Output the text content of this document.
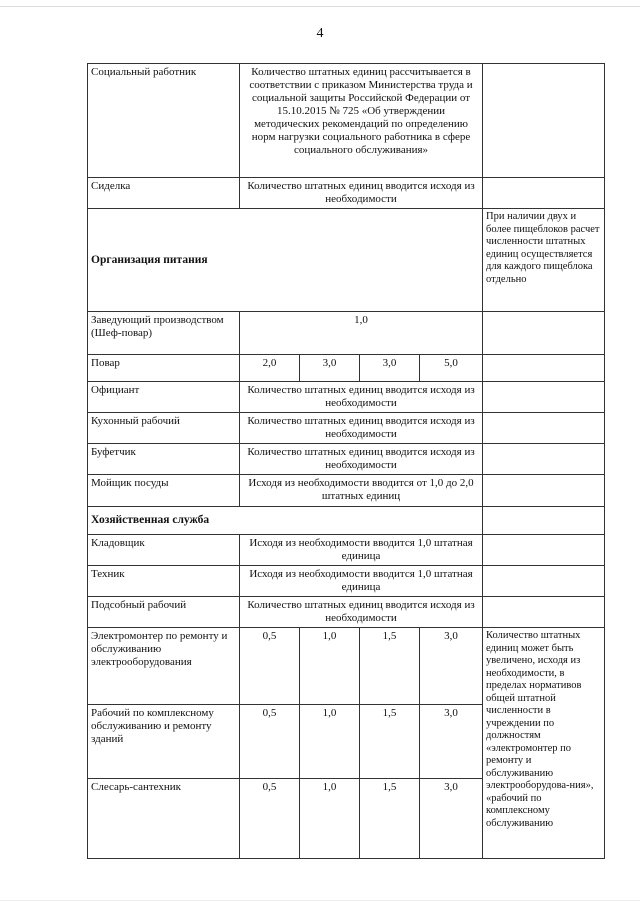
4
Социальный работник	Количество штатных единиц рассчитывается в соответствии с приказом Министерства труда и социальной защиты Российской Федерации от 15.10.2015 № 725 «Об утверждении методических рекомендаций по определению норм нагрузки социального работника в сфере социального обслуживания»				
Сиделка	Количество штатных единиц вводится исходя из необходимости				
Организация питания					При наличии двух и более пищеблоков расчет численности штатных единиц осуществляется для каждого пищеблока отдельно
Заведующий производством (Шеф-повар)	1,0				
Повар	2,0	3,0	3,0	5,0	
Официант	Количество штатных единиц вводится исходя из необходимости				
Кухонный рабочий	Количество штатных единиц вводится исходя из необходимости				
Буфетчик	Количество штатных единиц вводится исходя из необходимости				
Мойщик посуды	Исходя из необходимости вводится от 1,0 до 2,0 штатных единиц				
Хозяйственная служба					
Кладовщик	Исходя из необходимости вводится 1,0 штатная единица				
Техник	Исходя из необходимости вводится 1,0 штатная единица				
Подсобный рабочий	Количество штатных единиц вводится исходя из необходимости				
Электромонтер по ремонту и обслуживанию электрооборудования	0,5	1,0	1,5	3,0	Количество штатных единиц может быть увеличено, исходя из необходимости, в пределах нормативов общей штатной численности в учреждении по должностям «электромонтер по ремонту и обслуживанию электрооборудова-ния», «рабочий по комплексному обслуживанию
Рабочий по комплексному обслуживанию и ремонту зданий	0,5	1,0	1,5	3,0	
Слесарь-сантехник	0,5	1,0	1,5	3,0	
